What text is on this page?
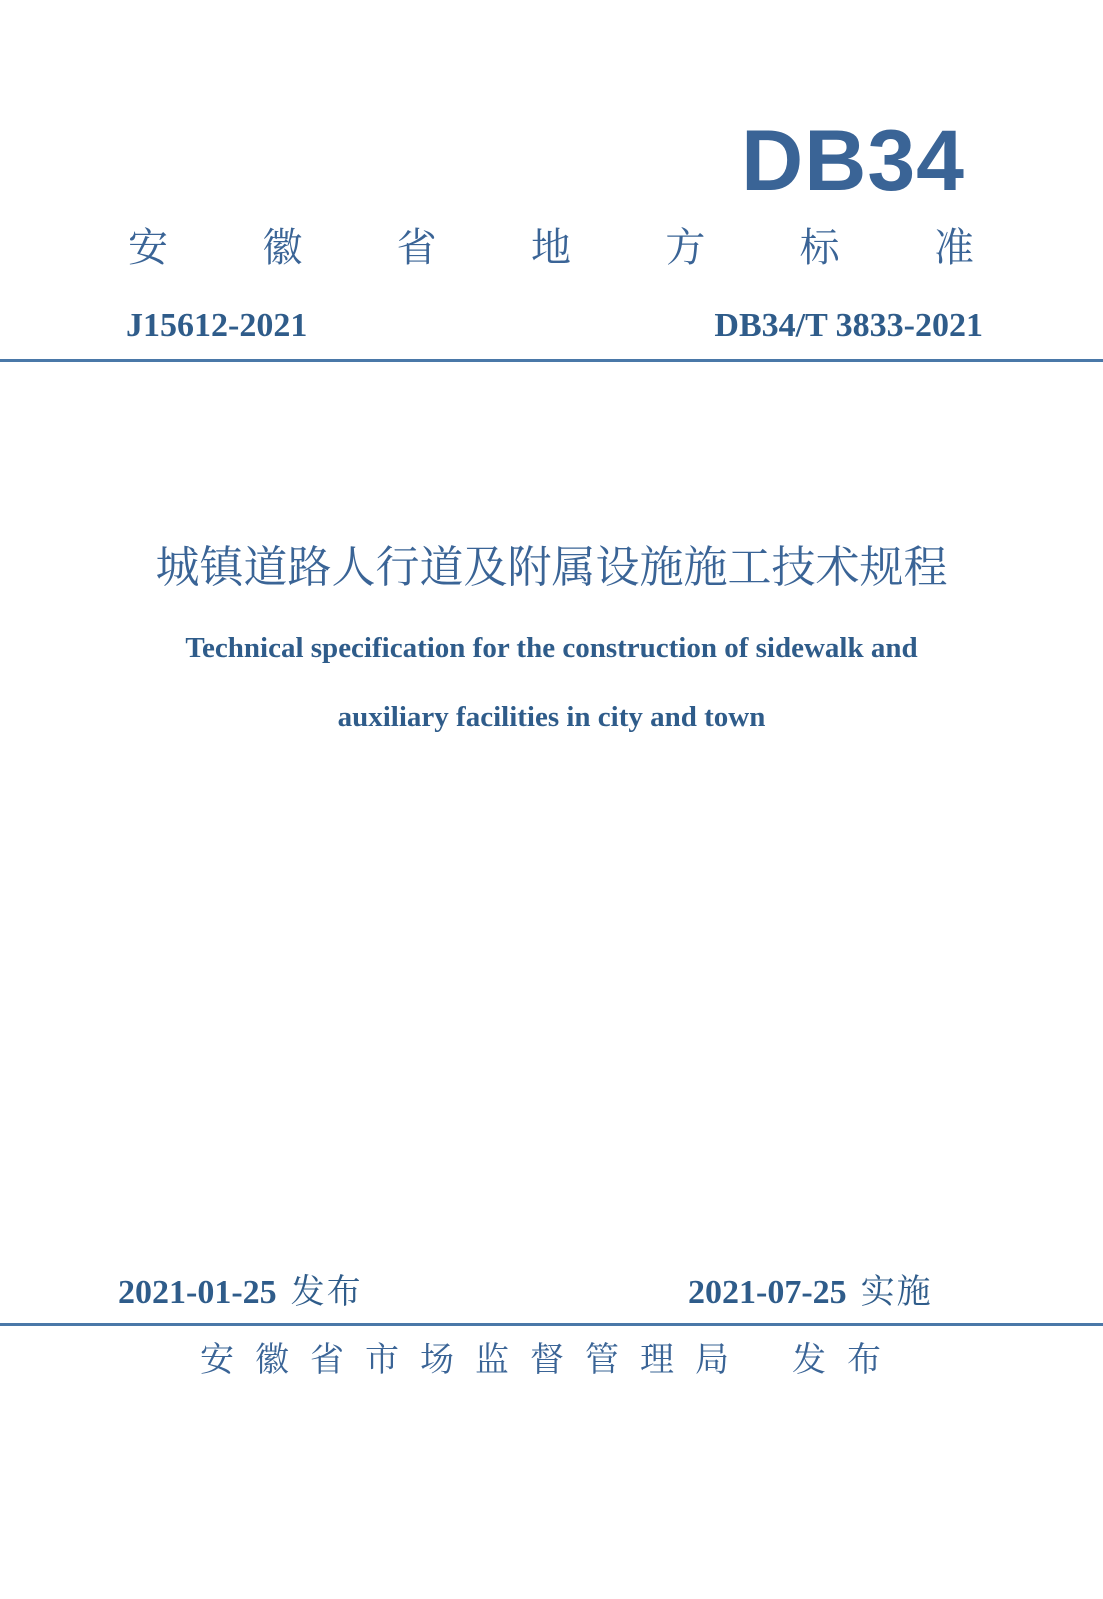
DB34
安 徽 省 地 方 标 准
J15612-2021	DB34/T 3833-2021
城镇道路人行道及附属设施施工技术规程
Technical specification for the construction of sidewalk and
auxiliary facilities in city and town
2021-01-25 发布	2021-07-25 实施
安徽省市场监督管理局 发布
